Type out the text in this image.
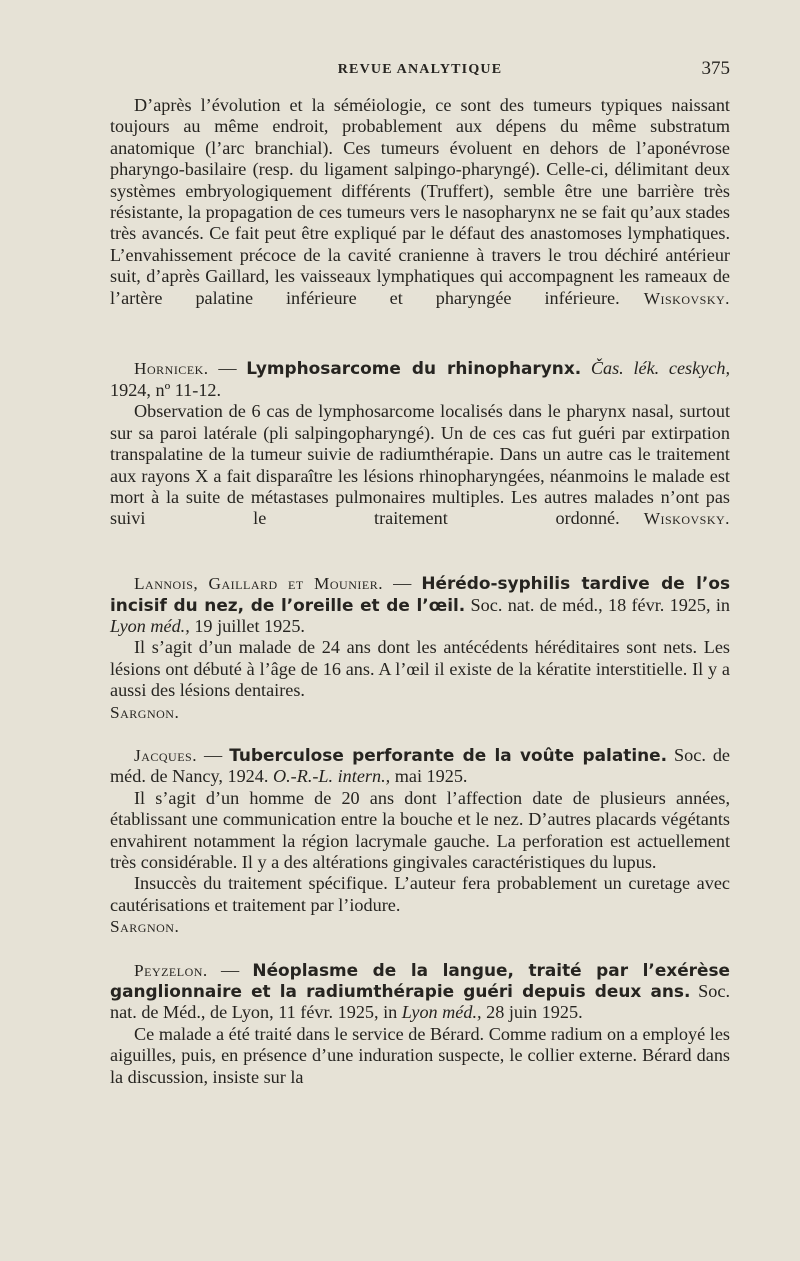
REVUE ANALYTIQUE	375

D’après l’évolution et la séméiologie, ce sont des tumeurs typiques naissant toujours au même endroit, probablement aux dépens du même substratum anatomique (l’arc branchial). Ces tumeurs évoluent en dehors de l’aponévrose pharyngo-basilaire (resp. du ligament salpingo-pharyngé). Celle-ci, délimitant deux systèmes embryologiquement différents (Truffert), semble être une barrière très résistante, la propagation de ces tumeurs vers le nasopharynx ne se fait qu’aux stades très avancés. Ce fait peut être expliqué par le défaut des anastomoses lymphatiques. L’envahissement précoce de la cavité cranienne à travers le trou déchiré antérieur suit, d’après Gaillard, les vaisseaux lymphatiques qui accompagnent les rameaux de l’artère palatine inférieure et pharyngée inférieure.	Wiskovsky.

Hornicek. — Lymphosarcome du rhinopharynx. Čas. lék. ceskych, 1924, nº 11-12.

Observation de 6 cas de lymphosarcome localisés dans le pharynx nasal, surtout sur sa paroi latérale (pli salpingopharyngé). Un de ces cas fut guéri par extirpation transpalatine de la tumeur suivie de radiumthérapie. Dans un autre cas le traitement aux rayons X a fait disparaître les lésions rhinopharyngées, néanmoins le malade est mort à la suite de métastases pulmonaires multiples. Les autres malades n’ont pas suivi le traitement ordonné.	Wiskovsky.

Lannois, Gaillard et Mounier. — Hérédo-syphilis tardive de l’os incisif du nez, de l’oreille et de l’œil. Soc. nat. de méd., 18 févr. 1925, in Lyon méd., 19 juillet 1925.

Il s’agit d’un malade de 24 ans dont les antécédents héréditaires sont nets. Les lésions ont débuté à l’âge de 16 ans. A l’œil il existe de la kératite interstitielle. Il y a aussi des lésions dentaires.

Sargnon.

Jacques. — Tuberculose perforante de la voûte palatine. Soc. de méd. de Nancy, 1924. O.-R.-L. intern., mai 1925.

Il s’agit d’un homme de 20 ans dont l’affection date de plusieurs années, établissant une communication entre la bouche et le nez. D’autres placards végétants envahirent notamment la région lacrymale gauche. La perforation est actuellement très considérable. Il y a des altérations gingivales caractéristiques du lupus.

Insuccès du traitement spécifique. L’auteur fera probablement un curetage avec cautérisations et traitement par l’iodure.

Sargnon.

Peyzelon. — Néoplasme de la langue, traité par l’exérèse ganglionnaire et la radiumthérapie guéri depuis deux ans. Soc. nat. de Méd., de Lyon, 11 févr. 1925, in Lyon méd., 28 juin 1925.

Ce malade a été traité dans le service de Bérard. Comme radium on a employé les aiguilles, puis, en présence d’une induration suspecte, le collier externe. Bérard dans la discussion, insiste sur la
